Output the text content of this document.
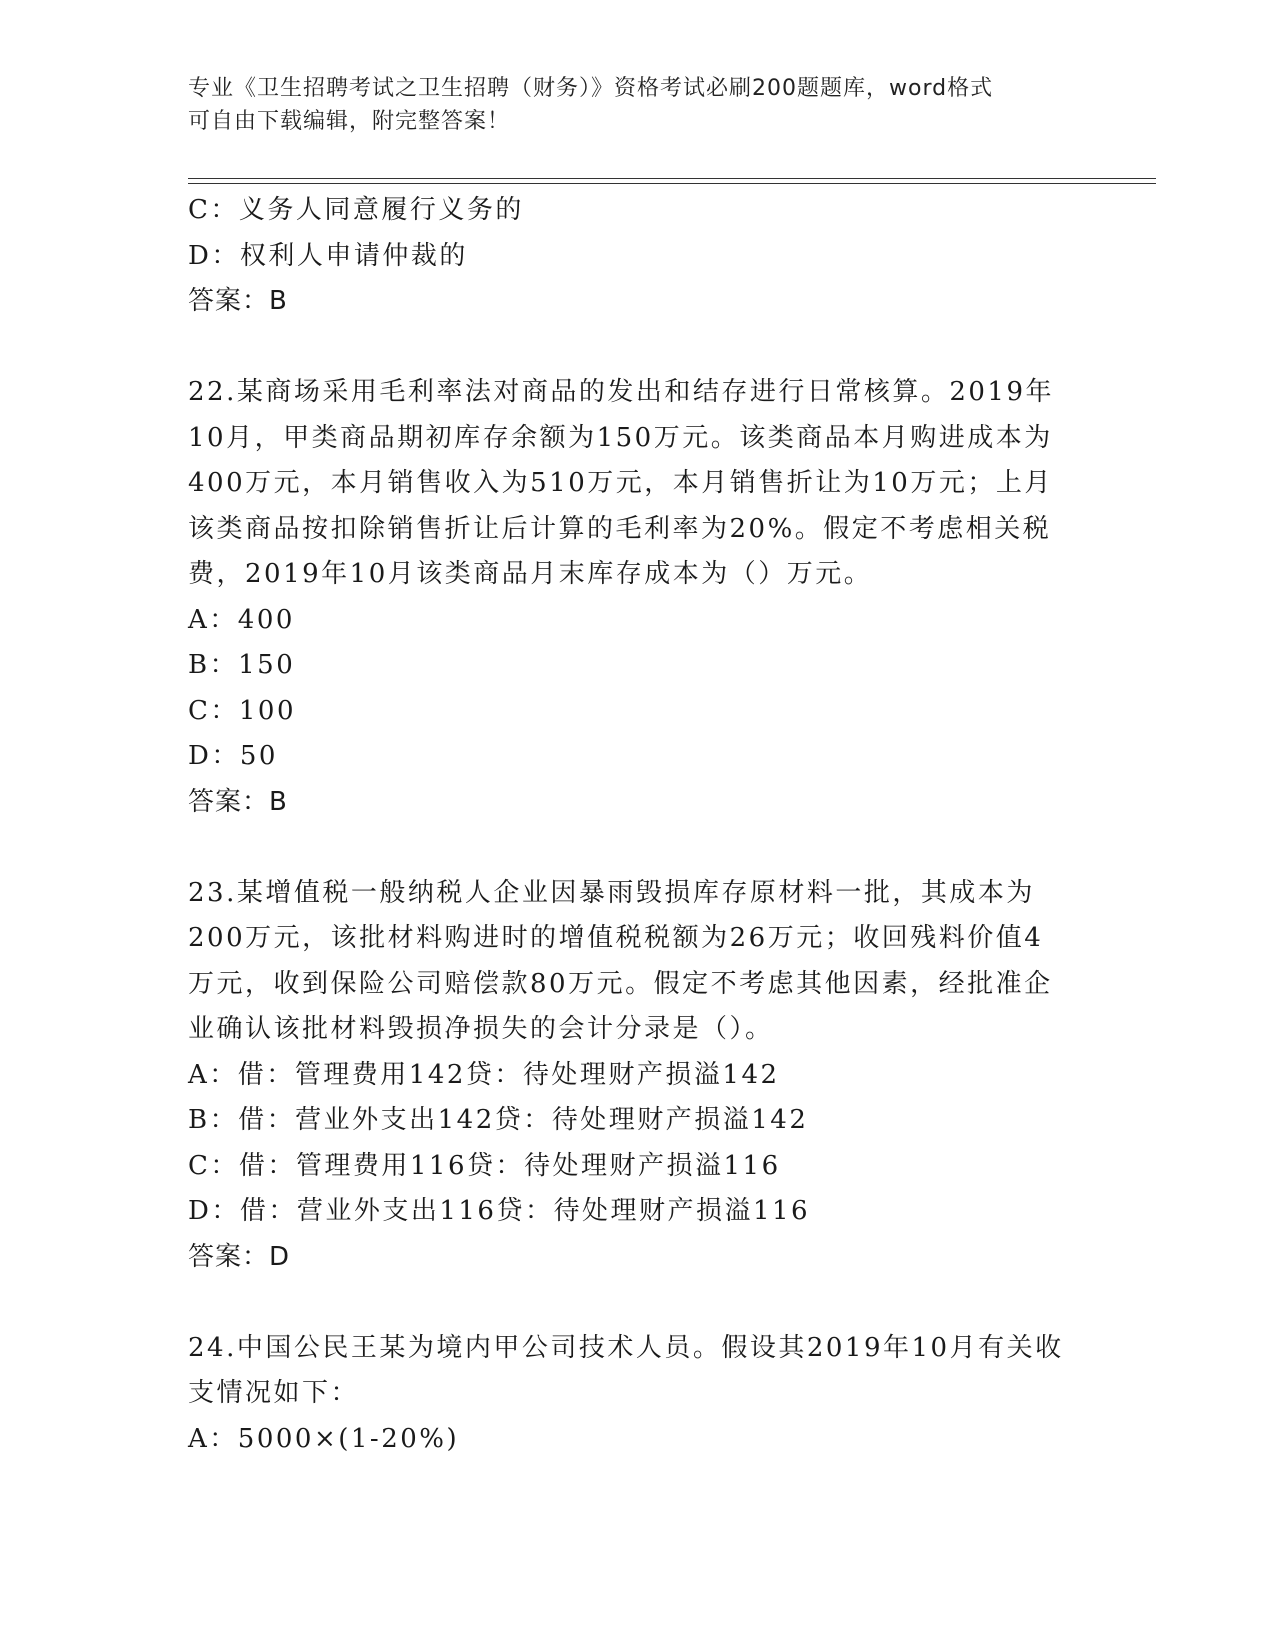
专业《卫生招聘考试之卫生招聘（财务）》资格考试必刷200题题库，word格式
可自由下载编辑，附完整答案！
C：义务人同意履行义务的
D：权利人申请仲裁的
答案：B
22.某商场采用毛利率法对商品的发出和结存进行日常核算。2019年
10月，甲类商品期初库存余额为150万元。该类商品本月购进成本为
400万元，本月销售收入为510万元，本月销售折让为10万元；上月
该类商品按扣除销售折让后计算的毛利率为20%。假定不考虑相关税
费，2019年10月该类商品月末库存成本为（）万元。
A：400
B：150
C：100
D：50
答案：B
23.某增值税一般纳税人企业因暴雨毁损库存原材料一批，其成本为
200万元，该批材料购进时的增值税税额为26万元；收回残料价值4
万元，收到保险公司赔偿款80万元。假定不考虑其他因素，经批准企
业确认该批材料毁损净损失的会计分录是（）。
A：借：管理费用142贷：待处理财产损溢142
B：借：营业外支出142贷：待处理财产损溢142
C：借：管理费用116贷：待处理财产损溢116
D：借：营业外支出116贷：待处理财产损溢116
答案：D
24.中国公民王某为境内甲公司技术人员。假设其2019年10月有关收
支情况如下：
A：5000×(1-20%)
